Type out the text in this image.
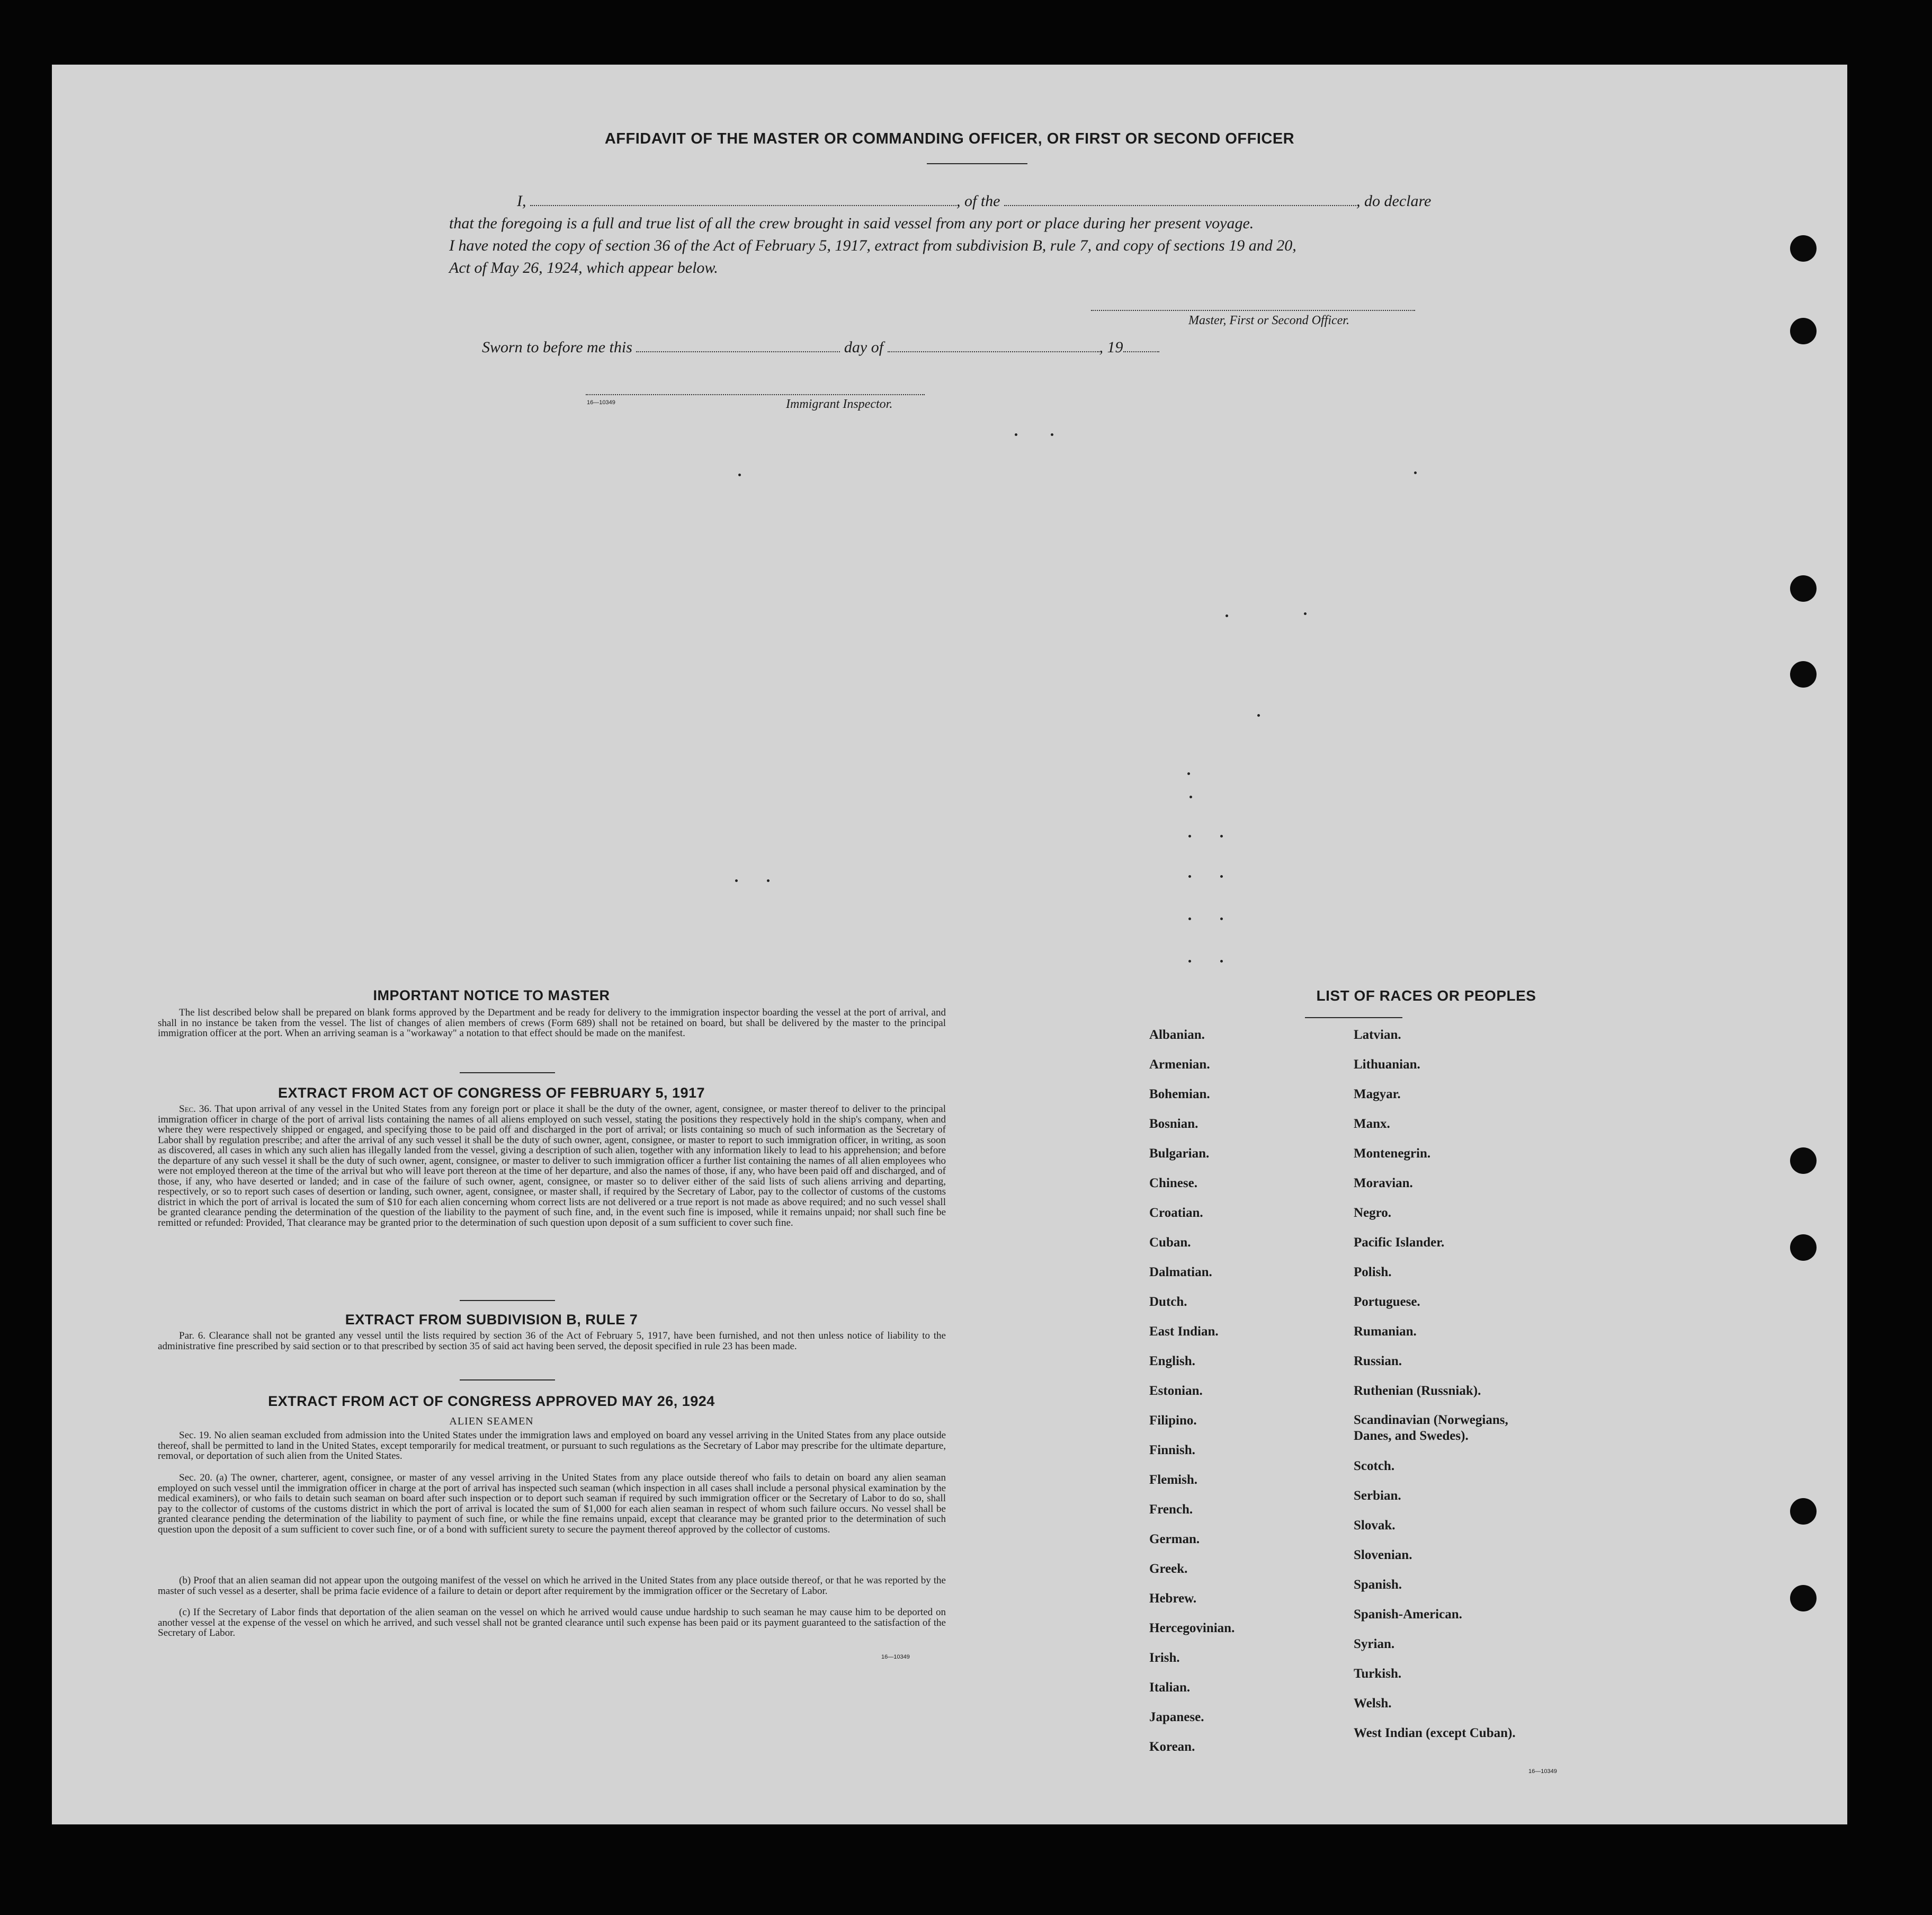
AFFIDAVIT OF THE MASTER OR COMMANDING OFFICER, OR FIRST OR SECOND OFFICER
I,	, of the	, do declare
that the foregoing is a full and true list of all the crew brought in said vessel from any port or place during her present voyage.
I have noted the copy of section 36 of the Act of February 5, 1917, extract from subdivision B, rule 7, and copy of sections 19 and 20,
Act of May 26, 1924, which appear below.
Master, First or Second Officer.
Sworn to before me this	day of	, 19
16—10349	Immigrant Inspector.
IMPORTANT NOTICE TO MASTER
The list described below shall be prepared on blank forms approved by the Department and be ready for delivery to the immigration inspector boarding the vessel at the port of arrival, and shall in no instance be taken from the vessel. The list of changes of alien members of crews (Form 689) shall not be retained on board, but shall be delivered by the master to the principal immigration officer at the port. When an arriving seaman is a "workaway" a notation to that effect should be made on the manifest.
EXTRACT FROM ACT OF CONGRESS OF FEBRUARY 5, 1917
Sec. 36. That upon arrival of any vessel in the United States from any foreign port or place it shall be the duty of the owner, agent, consignee, or master thereof to deliver to the principal immigration officer in charge of the port of arrival lists containing the names of all aliens employed on such vessel, stating the positions they respectively hold in the ship's company, when and where they were respectively shipped or engaged, and specifying those to be paid off and discharged in the port of arrival; or lists containing so much of such information as the Secretary of Labor shall by regulation prescribe; and after the arrival of any such vessel it shall be the duty of such owner, agent, consignee, or master to report to such immigration officer, in writing, as soon as discovered, all cases in which any such alien has illegally landed from the vessel, giving a description of such alien, together with any information likely to lead to his apprehension; and before the departure of any such vessel it shall be the duty of such owner, agent, consignee, or master to deliver to such immigration officer a further list containing the names of all alien employees who were not employed thereon at the time of the arrival but who will leave port thereon at the time of her departure, and also the names of those, if any, who have been paid off and discharged, and of those, if any, who have deserted or landed; and in case of the failure of such owner, agent, consignee, or master so to deliver either of the said lists of such aliens arriving and departing, respectively, or so to report such cases of desertion or landing, such owner, agent, consignee, or master shall, if required by the Secretary of Labor, pay to the collector of customs of the customs district in which the port of arrival is located the sum of $10 for each alien concerning whom correct lists are not delivered or a true report is not made as above required; and no such vessel shall be granted clearance pending the determination of the question of the liability to the payment of such fine, and, in the event such fine is imposed, while it remains unpaid; nor shall such fine be remitted or refunded: Provided, That clearance may be granted prior to the determination of such question upon deposit of a sum sufficient to cover such fine.
EXTRACT FROM SUBDIVISION B, RULE 7
Par. 6. Clearance shall not be granted any vessel until the lists required by section 36 of the Act of February 5, 1917, have been furnished, and not then unless notice of liability to the administrative fine prescribed by said section or to that prescribed by section 35 of said act having been served, the deposit specified in rule 23 has been made.
EXTRACT FROM ACT OF CONGRESS APPROVED MAY 26, 1924
ALIEN SEAMEN
Sec. 19. No alien seaman excluded from admission into the United States under the immigration laws and employed on board any vessel arriving in the United States from any place outside thereof, shall be permitted to land in the United States, except temporarily for medical treatment, or pursuant to such regulations as the Secretary of Labor may prescribe for the ultimate departure, removal, or deportation of such alien from the United States.
Sec. 20. (a) The owner, charterer, agent, consignee, or master of any vessel arriving in the United States from any place outside thereof who fails to detain on board any alien seaman employed on such vessel until the immigration officer in charge at the port of arrival has inspected such seaman (which inspection in all cases shall include a personal physical examination by the medical examiners), or who fails to detain such seaman on board after such inspection or to deport such seaman if required by such immigration officer or the Secretary of Labor to do so, shall pay to the collector of customs of the customs district in which the port of arrival is located the sum of $1,000 for each alien seaman in respect of whom such failure occurs. No vessel shall be granted clearance pending the determination of the liability to payment of such fine, or while the fine remains unpaid, except that clearance may be granted prior to the determination of such question upon the deposit of a sum sufficient to cover such fine, or of a bond with sufficient surety to secure the payment thereof approved by the collector of customs.
(b) Proof that an alien seaman did not appear upon the outgoing manifest of the vessel on which he arrived in the United States from any place outside thereof, or that he was reported by the master of such vessel as a deserter, shall be prima facie evidence of a failure to detain or deport after requirement by the immigration officer or the Secretary of Labor.
(c) If the Secretary of Labor finds that deportation of the alien seaman on the vessel on which he arrived would cause undue hardship to such seaman he may cause him to be deported on another vessel at the expense of the vessel on which he arrived, and such vessel shall not be granted clearance until such expense has been paid or its payment guaranteed to the satisfaction of the Secretary of Labor.
16—10349
LIST OF RACES OR PEOPLES
Albanian.
Armenian.
Bohemian.
Bosnian.
Bulgarian.
Chinese.
Croatian.
Cuban.
Dalmatian.
Dutch.
East Indian.
English.
Estonian.
Filipino.
Finnish.
Flemish.
French.
German.
Greek.
Hebrew.
Hercegovinian.
Irish.
Italian.
Japanese.
Korean.
Latvian.
Lithuanian.
Magyar.
Manx.
Montenegrin.
Moravian.
Negro.
Pacific Islander.
Polish.
Portuguese.
Rumanian.
Russian.
Ruthenian (Russniak).
Scandinavian (Norwegians, Danes, and Swedes).
Scotch.
Serbian.
Slovak.
Slovenian.
Spanish.
Spanish-American.
Syrian.
Turkish.
Welsh.
West Indian (except Cuban).
16—10349
